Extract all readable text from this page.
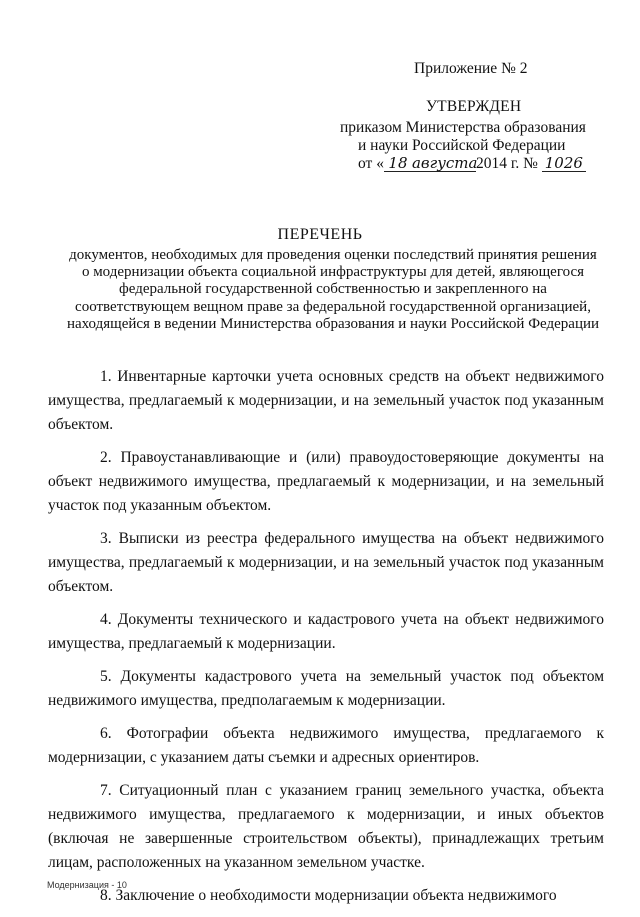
Приложение № 2
УТВЕРЖДЕН
приказом Министерства образования
и науки Российской Федерации
от « 18 августа2014 г. № 1026
ПЕРЕЧЕНЬ
документов, необходимых для проведения оценки последствий принятия решения
о модернизации объекта социальной инфраструктуры для детей, являющегося
федеральной государственной собственностью и закрепленного на
соответствующем вещном праве за федеральной государственной организацией,
находящейся в ведении Министерства образования и науки Российской Федерации

1. Инвентарные карточки учета основных средств на объект недвижимого имущества, предлагаемый к модернизации, и на земельный участок под указанным объектом.

2. Правоустанавливающие и (или) правоудостоверяющие документы на объект недвижимого имущества, предлагаемый к модернизации, и на земельный участок под указанным объектом.

3. Выписки из реестра федерального имущества на объект недвижимого имущества, предлагаемый к модернизации, и на земельный участок под указанным объектом.

4. Документы технического и кадастрового учета на объект недвижимого имущества, предлагаемый к модернизации.

5. Документы кадастрового учета на земельный участок под объектом недвижимого имущества, предполагаемым к модернизации.

6. Фотографии объекта недвижимого имущества, предлагаемого к модернизации, с указанием даты съемки и адресных ориентиров.

7. Ситуационный план с указанием границ земельного участка, объекта недвижимого имущества, предлагаемого к модернизации, и иных объектов (включая не завершенные строительством объекты), принадлежащих третьим лицам, расположенных на указанном земельном участке.

8. Заключение о необходимости модернизации объекта недвижимого

Модернизация - 10
